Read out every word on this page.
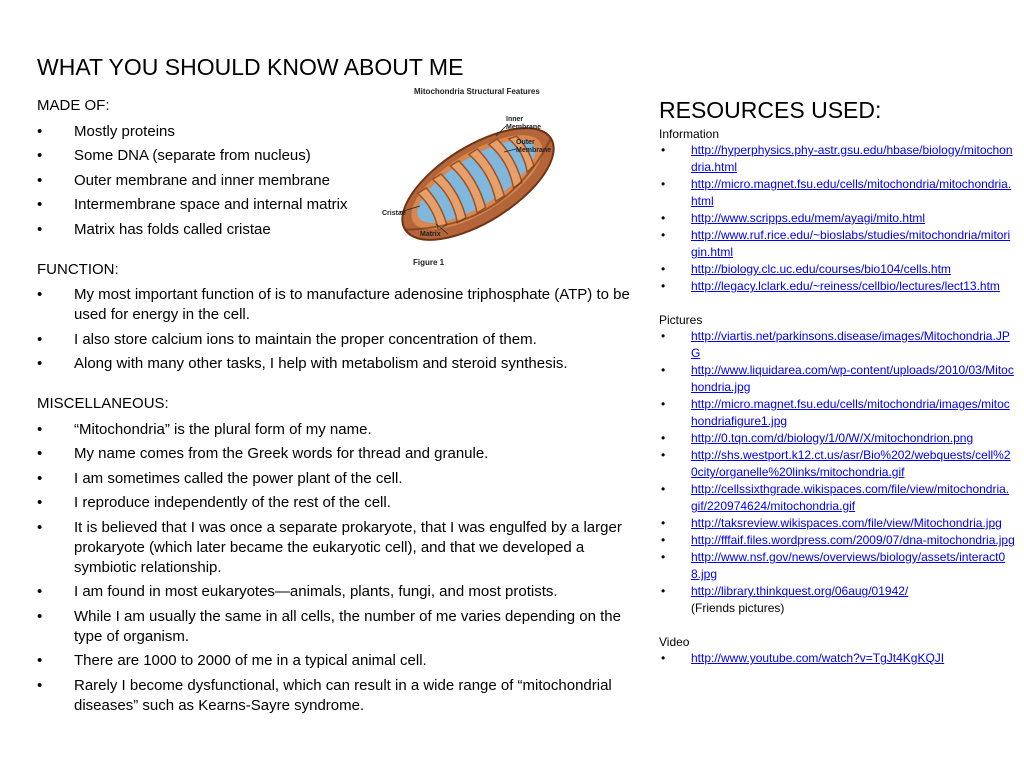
WHAT YOU SHOULD KNOW ABOUT ME
MADE OF:
• Mostly proteins
• Some DNA (separate from nucleus)
• Outer membrane and inner membrane
• Intermembrane space and internal matrix
• Matrix has folds called cristae
FUNCTION:
• My most important function of is to manufacture adenosine triphosphate (ATP) to be used for energy in the cell.
• I also store calcium ions to maintain the proper concentration of them.
• Along with many other tasks, I help with metabolism and steroid synthesis.
MISCELLANEOUS:
• “Mitochondria” is the plural form of my name.
• My name comes from the Greek words for thread and granule.
• I am sometimes called the power plant of the cell.
• I reproduce independently of the rest of the cell.
• It is believed that I was once a separate prokaryote, that I was engulfed by a larger prokaryote (which later became the eukaryotic cell), and that we developed a symbiotic relationship.
• I am found in most eukaryotes—animals, plants, fungi, and most protists.
• While I am usually the same in all cells, the number of me varies depending on the type of organism.
• There are 1000 to 2000 of me in a typical animal cell.
• Rarely I become dysfunctional, which can result in a wide range of “mitochondrial diseases” such as Kearns-Sayre syndrome.
Mitochondria Structural Features
Inner Membrane
Outer Membrane
Cristae
Matrix
Figure 1
RESOURCES USED:
Information
• http://hyperphysics.phy-astr.gsu.edu/hbase/biology/mitochondria.html
• http://micro.magnet.fsu.edu/cells/mitochondria/mitochondria.html
• http://www.scripps.edu/mem/ayagi/mito.html
• http://www.ruf.rice.edu/~bioslabs/studies/mitochondria/mitorigin.html
• http://biology.clc.uc.edu/courses/bio104/cells.htm
• http://legacy.lclark.edu/~reiness/cellbio/lectures/lect13.htm
Pictures
• http://viartis.net/parkinsons.disease/images/Mitochondria.JPG
• http://www.liquidarea.com/wp-content/uploads/2010/03/Mitochondria.jpg
• http://micro.magnet.fsu.edu/cells/mitochondria/images/mitochondriafigure1.jpg
• http://0.tqn.com/d/biology/1/0/W/X/mitochondrion.png
• http://shs.westport.k12.ct.us/asr/Bio%202/webquests/cell%20city/organelle%20links/mitochondria.gif
• http://cellssixthgrade.wikispaces.com/file/view/mitochondria.gif/220974624/mitochondria.gif
• http://taksreview.wikispaces.com/file/view/Mitochondria.jpg
• http://fffaif.files.wordpress.com/2009/07/dna-mitochondria.jpg
• http://www.nsf.gov/news/overviews/biology/assets/interact08.jpg
• http://library.thinkquest.org/06aug/01942/
(Friends pictures)
Video
• http://www.youtube.com/watch?v=TgJt4KgKQJI
